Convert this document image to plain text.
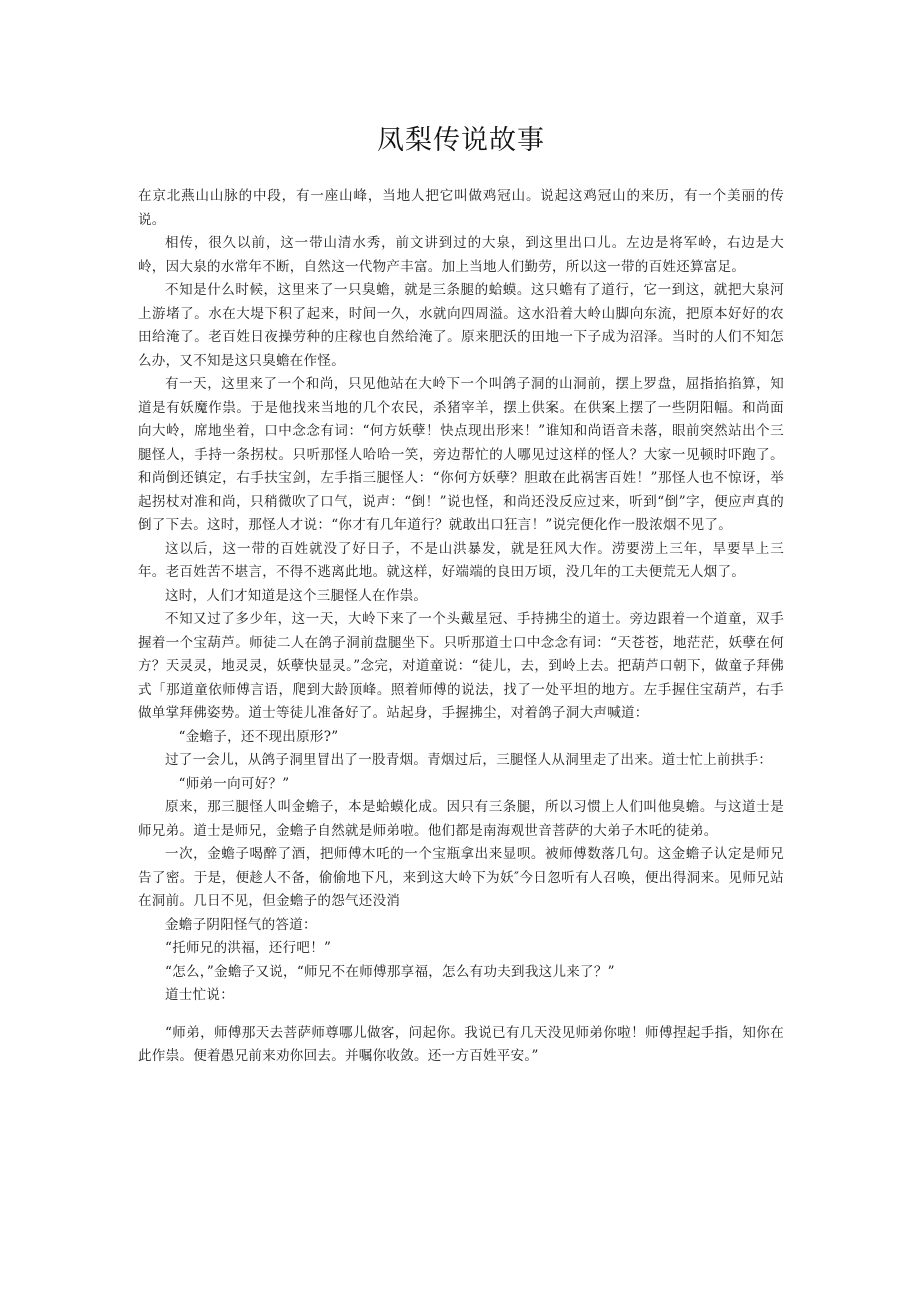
凤梨传说故事

在京北燕山山脉的中段，有一座山峰，当地人把它叫做鸡冠山。说起这鸡冠山的来历，有一个美丽的传说。

相传，很久以前，这一带山清水秀，前文讲到过的大泉，到这里出口儿。左边是将军岭，右边是大岭，因大泉的水常年不断，自然这一代物产丰富。加上当地人们勤劳，所以这一带的百姓还算富足。

不知是什么时候，这里来了一只臭蟾，就是三条腿的蛤蟆。这只蟾有了道行，它一到这，就把大泉河上游堵了。水在大堤下积了起来，时间一久，水就向四周溢。这水沿着大岭山脚向东流，把原本好好的农田给淹了。老百姓日夜操劳种的庄稼也自然给淹了。原来肥沃的田地一下子成为沼泽。当时的人们不知怎么办，又不知是这只臭蟾在作怪。

有一天，这里来了一个和尚，只见他站在大岭下一个叫鸽子洞的山洞前，摆上罗盘，屈指掐掐算，知道是有妖魔作祟。于是他找来当地的几个农民，杀猪宰羊，摆上供案。在供案上摆了一些阴阳幅。和尚面向大岭，席地坐着，口中念念有词：“何方妖孽！快点现出形来！”谁知和尚语音未落，眼前突然站出个三腿怪人，手持一条拐杖。只听那怪人哈哈一笑，旁边帮忙的人哪见过这样的怪人？大家一见顿时吓跑了。和尚倒还镇定，右手扶宝剑，左手指三腿怪人：“你何方妖孽？胆敢在此祸害百姓！”那怪人也不惊讶，举起拐杖对准和尚，只稍微吹了口气，说声：“倒！”说也怪，和尚还没反应过来，听到“倒”字，便应声真的倒了下去。这时，那怪人才说：“你才有几年道行？就敢出口狂言！”说完便化作一股浓烟不见了。

这以后，这一带的百姓就没了好日子，不是山洪暴发，就是狂风大作。涝要涝上三年，旱要旱上三年。老百姓苦不堪言，不得不逃离此地。就这样，好端端的良田万顷，没几年的工夫便荒无人烟了。

这时，人们才知道是这个三腿怪人在作祟。

不知又过了多少年，这一天，大岭下来了一个头戴星冠、手持拂尘的道士。旁边跟着一个道童，双手握着一个宝葫芦。师徒二人在鸽子洞前盘腿坐下。只听那道士口中念念有词：“天苍苍，地茫茫，妖孽在何方？天灵灵，地灵灵，妖孽快显灵。”念完，对道童说：“徒儿，去，到岭上去。把葫芦口朝下，做童子拜佛式「那道童依师傅言语，爬到大龄顶峰。照着师傅的说法，找了一处平坦的地方。左手握住宝葫芦，右手做单掌拜佛姿势。道士等徒儿准备好了。站起身，手握拂尘，对着鸽子洞大声喊道：

“金蟾子，还不现出原形?”

过了一会儿，从鸽子洞里冒出了一股青烟。青烟过后，三腿怪人从洞里走了出来。道士忙上前拱手：

“师弟一向可好？”

原来，那三腿怪人叫金蟾子，本是蛤蟆化成。因只有三条腿，所以习惯上人们叫他臭蟾。与这道士是师兄弟。道士是师兄，金蟾子自然就是师弟啦。他们都是南海观世音菩萨的大弟子木吒的徒弟。

一次，金蟾子喝醉了酒，把师傅木吒的一个宝瓶拿出来显呗。被师傅数落几句。这金蟾子认定是师兄告了密。于是，便趁人不备，偷偷地下凡，来到这大岭下为妖″今日忽听有人召唤，便出得洞来。见师兄站在洞前。几日不见，但金蟾子的怨气还没消

金蟾子阴阳怪气的答道：

“托师兄的洪福，还行吧！”

“怎么，”金蟾子又说，“师兄不在师傅那享福，怎么有功夫到我这儿来了？”

道士忙说：

“师弟，师傅那天去菩萨师尊哪儿做客，问起你。我说已有几天没见师弟你啦！师傅捏起手指，知你在此作祟。便着愚兄前来劝你回去。并嘱你收敛。还一方百姓平安。”
